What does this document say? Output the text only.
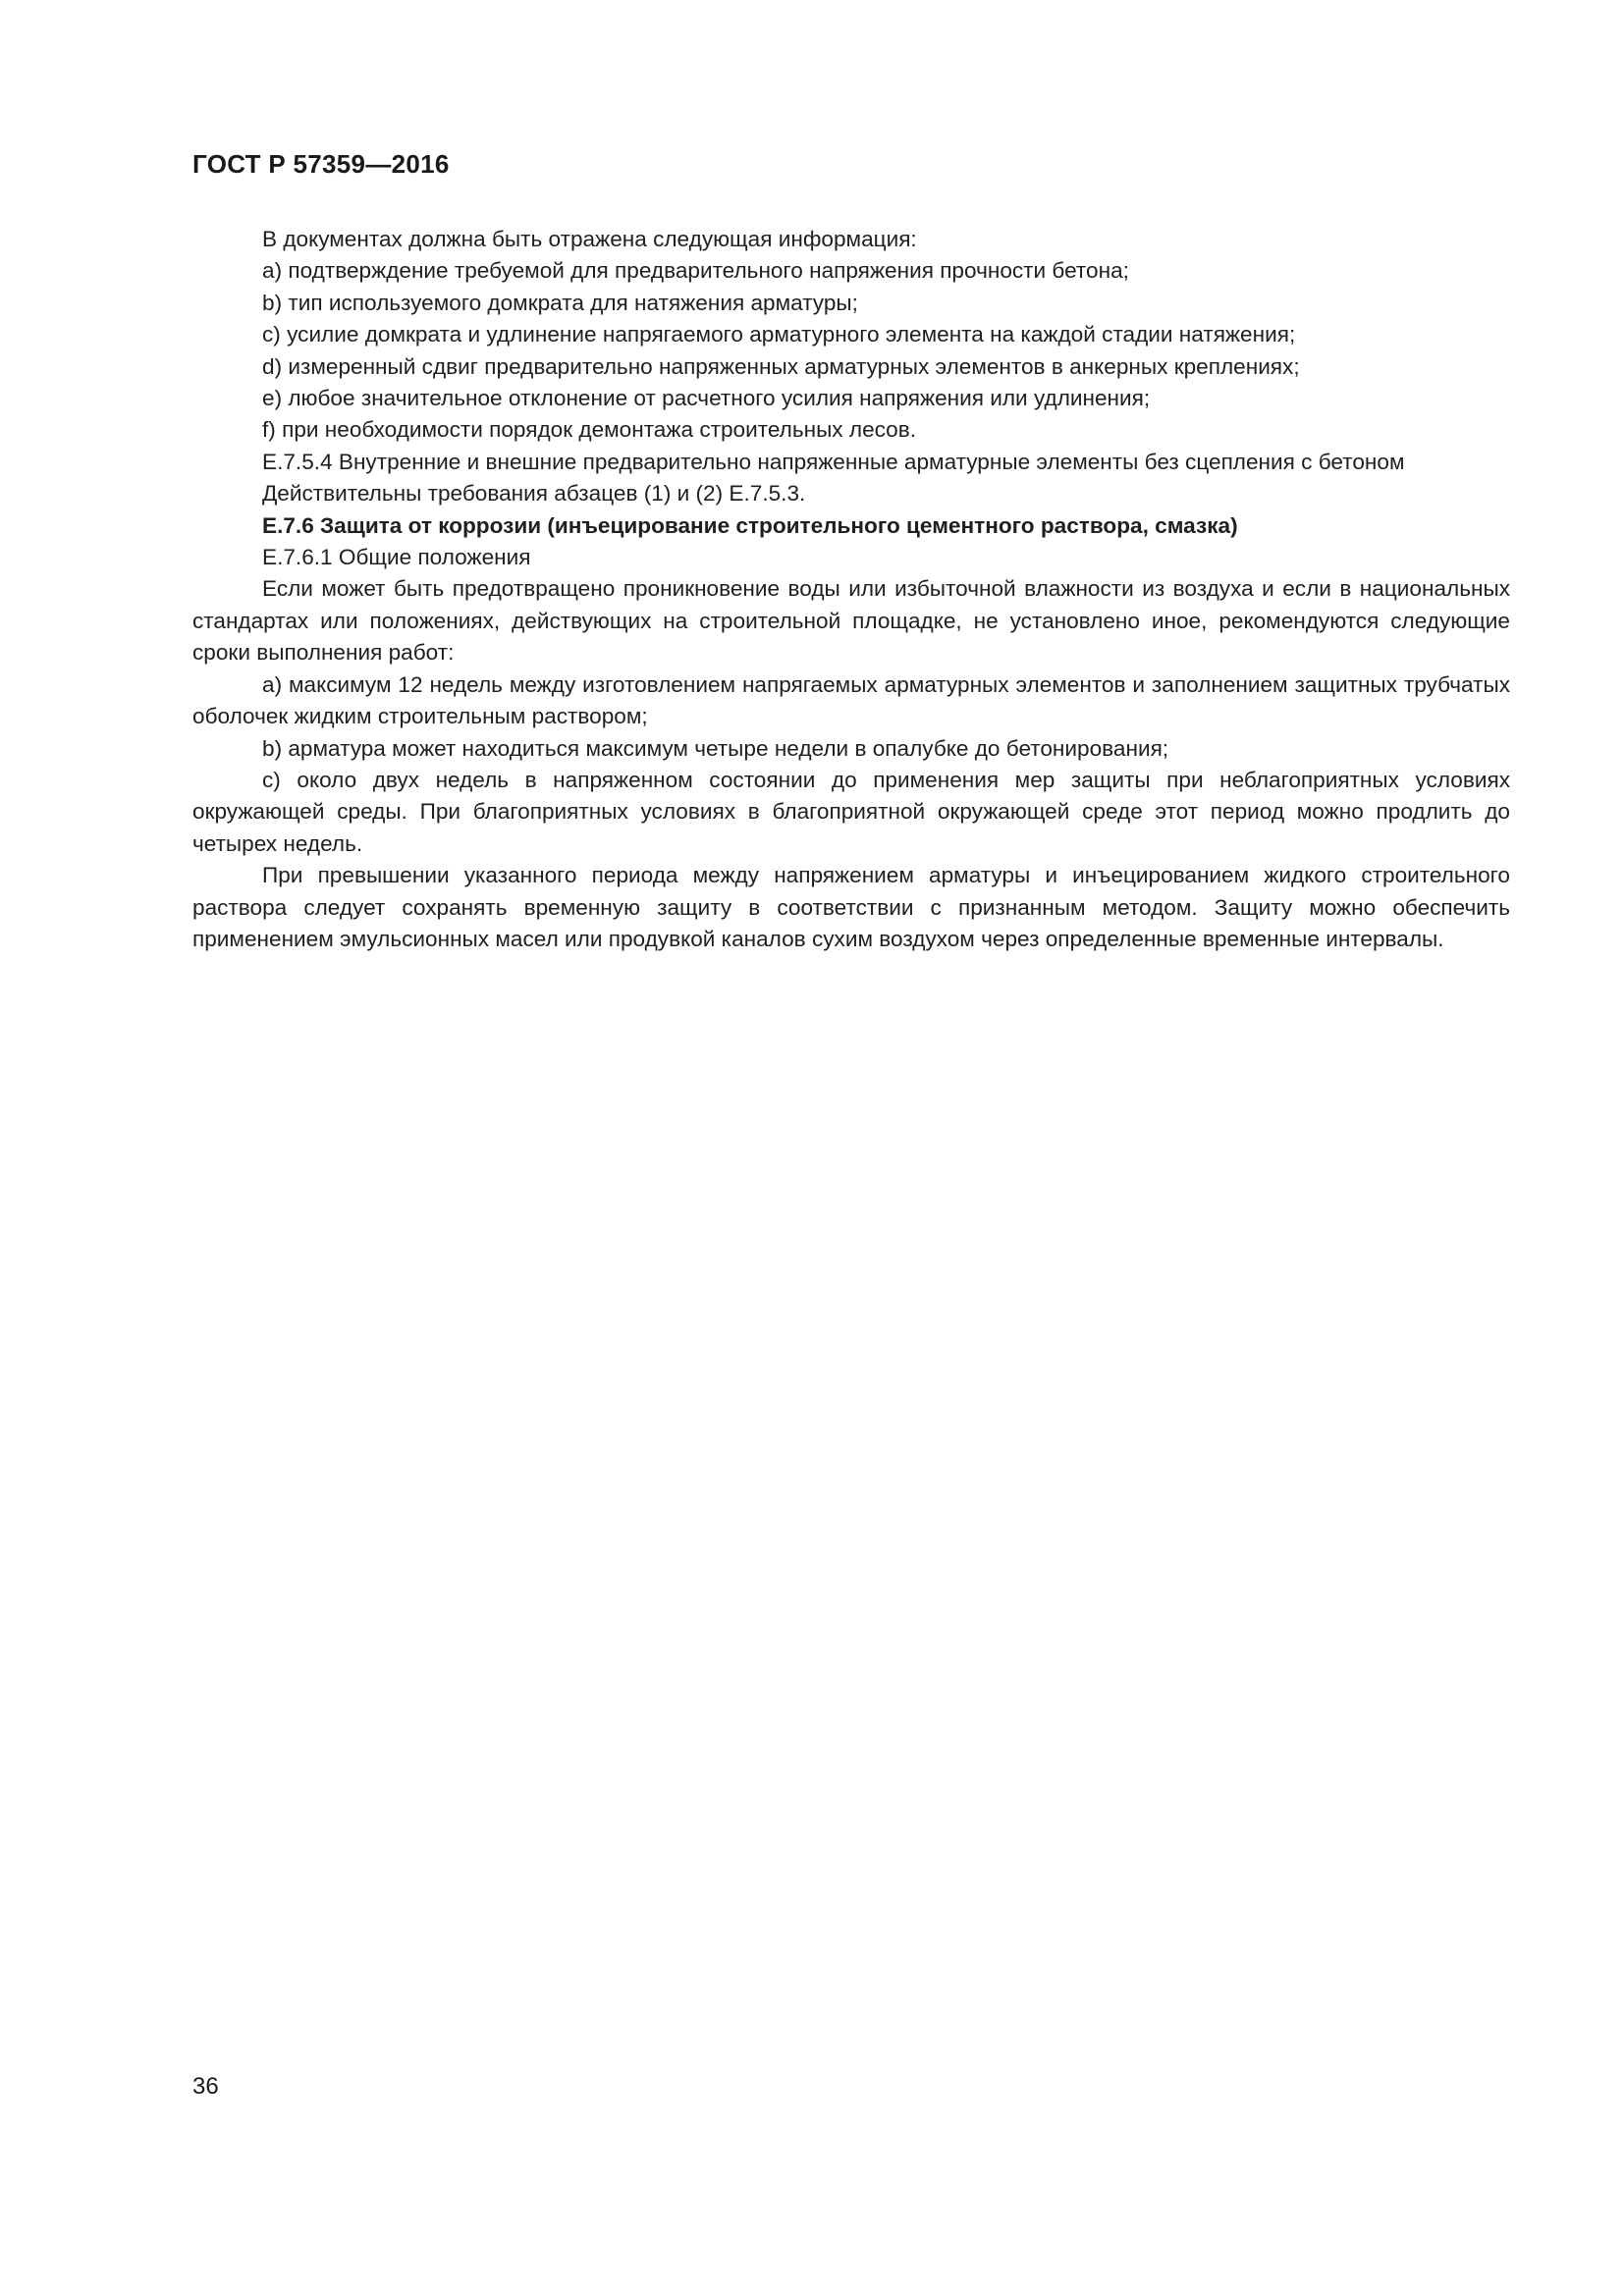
ГОСТ Р 57359—2016

В документах должна быть отражена следующая информация:

а) подтверждение требуемой для предварительного напряжения прочности бетона;

b) тип используемого домкрата для натяжения арматуры;

с) усилие домкрата и удлинение напрягаемого арматурного элемента на каждой стадии натяжения;

d) измеренный сдвиг предварительно напряженных арматурных элементов в анкерных креплениях;

е) любое значительное отклонение от расчетного усилия напряжения или удлинения;

f) при необходимости порядок демонтажа строительных лесов.

Е.7.5.4 Внутренние и внешние предварительно напряженные арматурные элементы без сцепления с бетоном

Действительны требования абзацев (1) и (2) Е.7.5.3.

Е.7.6 Защита от коррозии (инъецирование строительного цементного раствора, смазка)

Е.7.6.1 Общие положения

Если может быть предотвращено проникновение воды или избыточной влажности из воздуха и если в национальных стандартах или положениях, действующих на строительной площадке, не установлено иное, рекомендуются следующие сроки выполнения работ:

а) максимум 12 недель между изготовлением напрягаемых арматурных элементов и заполнением защитных трубчатых оболочек жидким строительным раствором;

b) арматура может находиться максимум четыре недели в опалубке до бетонирования;

с) около двух недель в напряженном состоянии до применения мер защиты при неблагоприятных условиях окружающей среды. При благоприятных условиях в благоприятной окружающей среде этот период можно продлить до четырех недель.

При превышении указанного периода между напряжением арматуры и инъецированием жидкого строительного раствора следует сохранять временную защиту в соответствии с признанным методом. Защиту можно обеспечить применением эмульсионных масел или продувкой каналов сухим воздухом через определенные временные интервалы.

36
